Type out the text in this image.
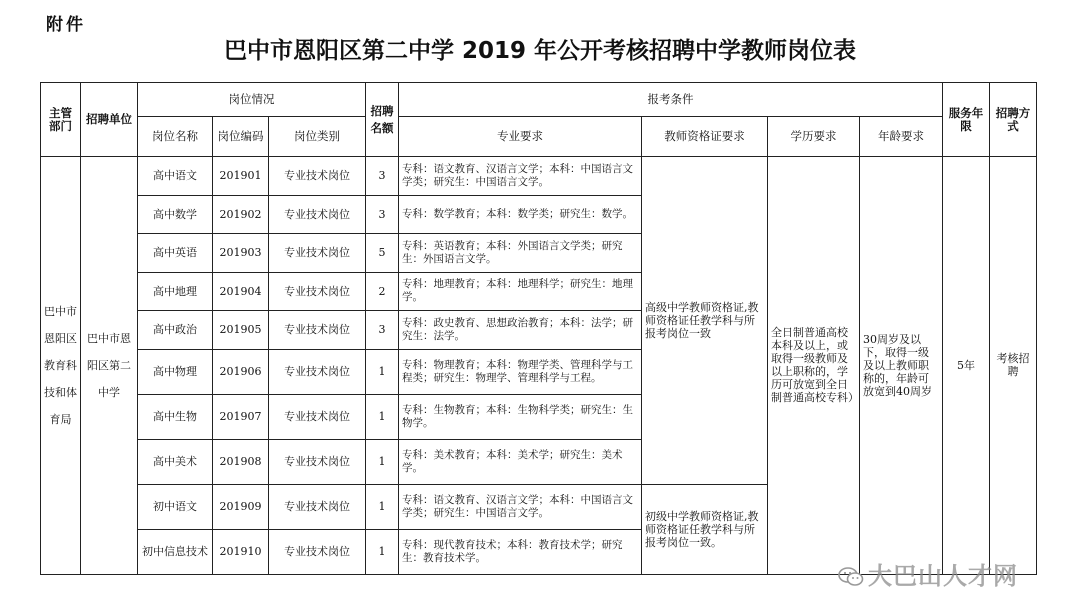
附件
巴中市恩阳区第二中学 2019 年公开考核招聘中学教师岗位表
主管部门	招聘单位	岗位情况			招聘名额	报考条件				服务年限	招聘方式
		岗位名称	岗位编码	岗位类别		专业要求	教师资格证要求	学历要求	年龄要求		
巴中市恩阳区教育科技和体育局	巴中市恩阳区第二中学	高中语文	201901	专业技术岗位	3	专科：语文教育、汉语言文学；本科：中国语言文学类；研究生：中国语言文学。	高级中学教师资格证,教师资格证任教学科与所报考岗位一致	全日制普通高校本科及以上，或取得一级教师及以上职称的，学历可放宽到全日制普通高校专科）	30周岁及以下，取得一级及以上教师职称的，年龄可放宽到40周岁	5年	考核招聘
		高中数学	201902	专业技术岗位	3	专科：数学教育；本科：数学类；研究生：数学。					
		高中英语	201903	专业技术岗位	5	专科：英语教育；本科：外国语言文学类；研究生：外国语言文学。					
		高中地理	201904	专业技术岗位	2	专科：地理教育；本科：地理科学；研究生：地理学。					
		高中政治	201905	专业技术岗位	3	专科：政史教育、思想政治教育；本科：法学；研究生：法学。					
		高中物理	201906	专业技术岗位	1	专科：物理教育；本科：物理学类、管理科学与工程类；研究生：物理学、管理科学与工程。					
		高中生物	201907	专业技术岗位	1	专科：生物教育；本科：生物科学类；研究生：生物学。					
		高中美术	201908	专业技术岗位	1	专科：美术教育；本科：美术学；研究生：美术学。					
		初中语文	201909	专业技术岗位	1	专科：语文教育、汉语言文学；本科：中国语言文学类；研究生：中国语言文学。	初级中学教师资格证,教师资格证任教学科与所报考岗位一致。				
		初中信息技术	201910	专业技术岗位	1	专科：现代教育技术；本科：教育技术学；研究生：教育技术学。					
大巴山人才网
